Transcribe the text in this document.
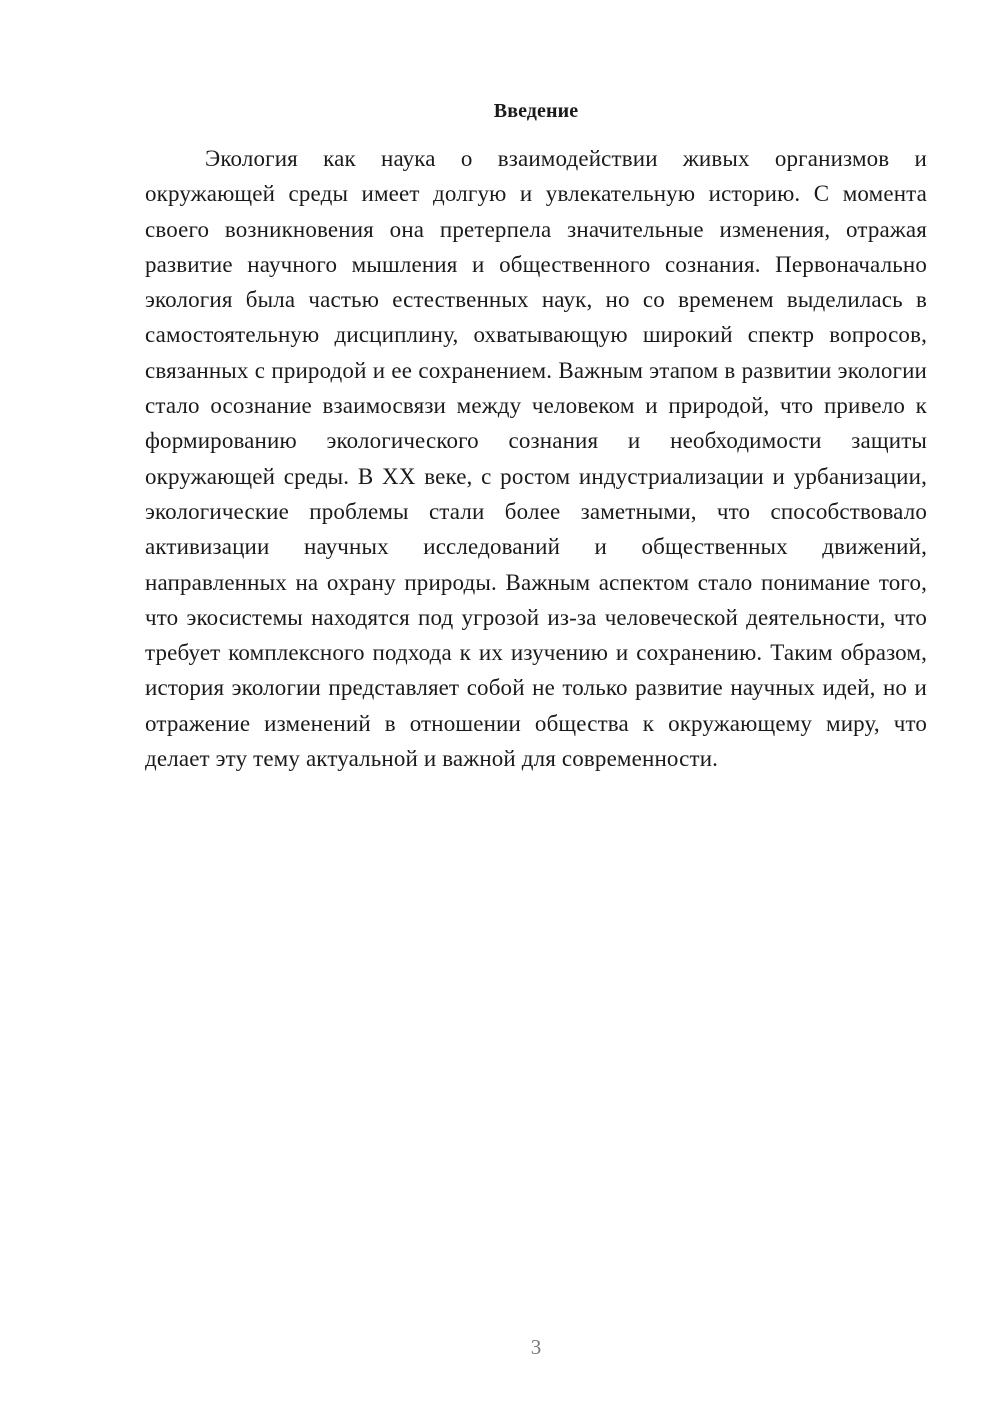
Введение

Экология как наука о взаимодействии живых организмов и окружающей среды имеет долгую и увлекательную историю. С момента своего возникновения она претерпела значительные изменения, отражая развитие научного мышления и общественного сознания. Первоначально экология была частью естественных наук, но со временем выделилась в самостоятельную дисциплину, охватывающую широкий спектр вопросов, связанных с природой и ее сохранением. Важным этапом в развитии экологии стало осознание взаимосвязи между человеком и природой, что привело к формированию экологического сознания и необходимости защиты окружающей среды. В XX веке, с ростом индустриализации и урбанизации, экологические проблемы стали более заметными, что способствовало активизации научных исследований и общественных движений, направленных на охрану природы. Важным аспектом стало понимание того, что экосистемы находятся под угрозой из-за человеческой деятельности, что требует комплексного подхода к их изучению и сохранению. Таким образом, история экологии представляет собой не только развитие научных идей, но и отражение изменений в отношении общества к окружающему миру, что делает эту тему актуальной и важной для современности.

3
